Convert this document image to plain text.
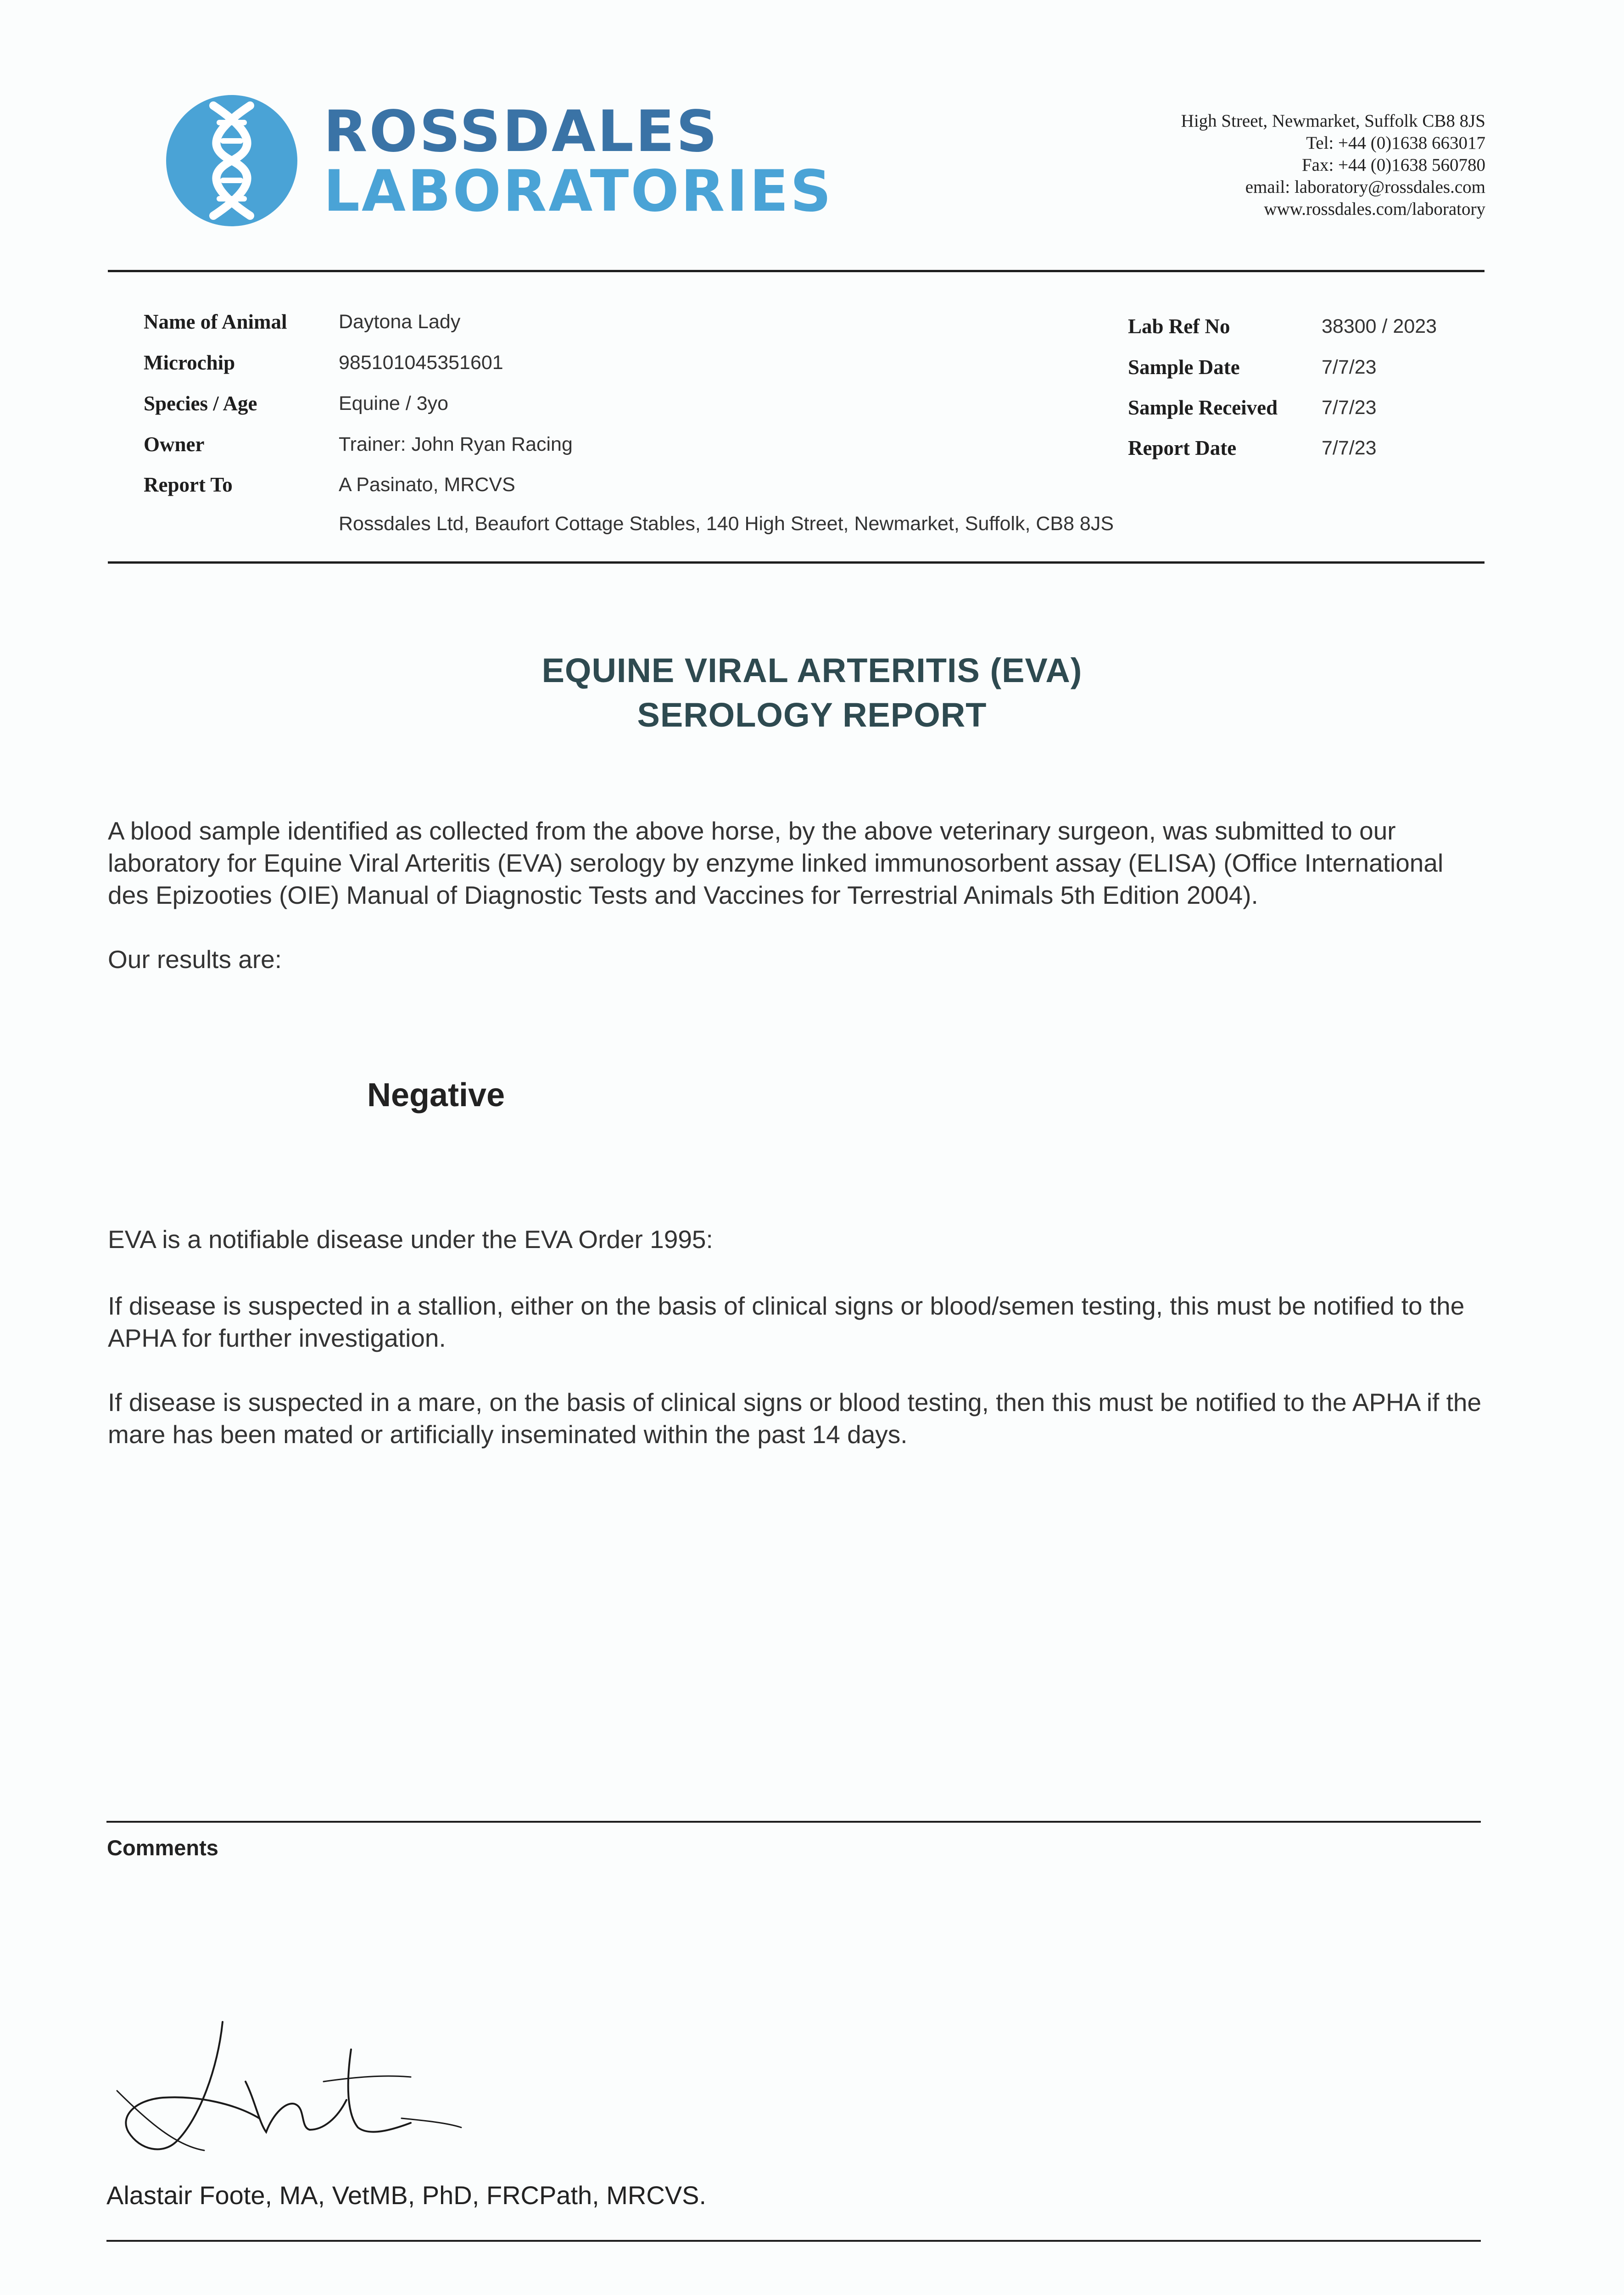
ROSSDALES
LABORATORIES
High Street, Newmarket, Suffolk CB8 8JS
Tel: +44 (0)1638 663017
Fax: +44 (0)1638 560780
email: laboratory@rossdales.com
www.rossdales.com/laboratory
Name of Animal	Daytona Lady
Microchip	985101045351601
Species / Age	Equine / 3yo
Owner	Trainer: John Ryan Racing
Report To	A Pasinato, MRCVS
Rossdales Ltd, Beaufort Cottage Stables, 140 High Street, Newmarket, Suffolk, CB8 8JS
Lab Ref No	38300 / 2023
Sample Date	7/7/23
Sample Received 7/7/23
Report Date	7/7/23
EQUINE VIRAL ARTERITIS (EVA)
SEROLOGY REPORT
A blood sample identified as collected from the above horse, by the above veterinary surgeon, was submitted to our laboratory for Equine Viral Arteritis (EVA) serology by enzyme linked immunosorbent assay (ELISA) (Office International des Epizooties (OIE) Manual of Diagnostic Tests and Vaccines for Terrestrial Animals 5th Edition 2004).
Our results are:
Negative
EVA is a notifiable disease under the EVA Order 1995:
If disease is suspected in a stallion, either on the basis of clinical signs or blood/semen testing, this must be notified to the APHA for further investigation.
If disease is suspected in a mare, on the basis of clinical signs or blood testing, then this must be notified to the APHA if the mare has been mated or artificially inseminated within the past 14 days.
Comments
Alastair Foote, MA, VetMB, PhD, FRCPath, MRCVS.
